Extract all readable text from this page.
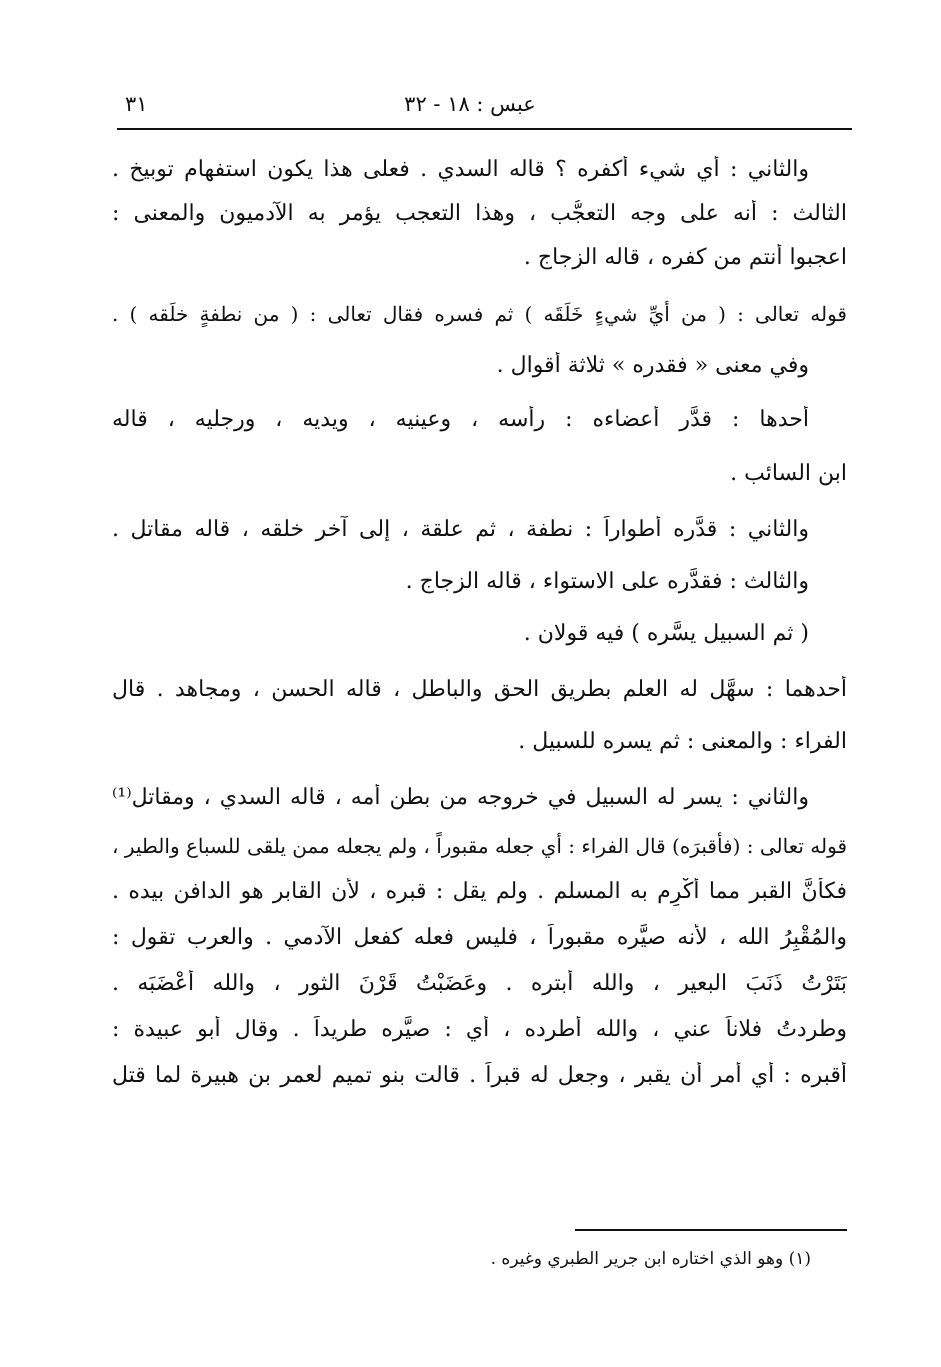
٣١	عبس : ١٨ - ٣٢
والثاني : أي شيء أكفره ؟ قاله السدي . فعلى هذا يكون استفهام توبيخ .
الثالث : أنه على وجه التعجُّب ، وهذا التعجب يؤمر به الآدميون والمعنى :
اعجبوا أنتم من كفره ، قاله الزجاج .
قوله تعالى : ( من أيِّ شيءٍ خَلَقَه ) ثم فسره فقال تعالى : ( من نطفةٍ خلَقه ) .
وفي معنى « فقدره » ثلاثة أقوال .
أحدها : قدَّر أعضاءه : رأسه ، وعينيه ، ويديه ، ورجليه ، قاله
ابن السائب .
والثاني : قدَّره أطواراً : نطفة ، ثم علقة ، إلى آخر خلقه ، قاله مقاتل .
والثالث : فقدَّره على الاستواء ، قاله الزجاج .
( ثم السبيل يسَّره ) فيه قولان .
أحدهما : سهَّل له العلم بطريق الحق والباطل ، قاله الحسن ، ومجاهد . قال
الفراء : والمعنى : ثم يسره للسبيل .
والثاني : يسر له السبيل في خروجه من بطن أمه ، قاله السدي ، ومقاتل⁽¹⁾
قوله تعالى : (فأقبرَه) قال الفراء : أي جعله مقبوراً ، ولم يجعله ممن يلقى للسباع والطير ،
فكأنَّ القبر مما أكْرِم به المسلم . ولم يقل : قبره ، لأن القابر هو الدافن بيده .
والمُقْبِرُ الله ، لأنه صيَّره مقبوراً ، فليس فعله كفعل الآدمي . والعرب تقول :
بَتَرْتُ ذَنَبَ البعير ، والله أبتره . وعَضَبْتُ قَرْنَ الثور ، والله أعْضَبَه .
وطردتُ فلاناً عني ، والله أطرده ، أي : صيَّره طريداً . وقال أبو عبيدة :
أقبره : أي أمر أن يقبر ، وجعل له قبراً . قالت بنو تميم لعمر بن هبيرة لما قتل
(١) وهو الذي اختاره ابن جرير الطبري وغيره .
